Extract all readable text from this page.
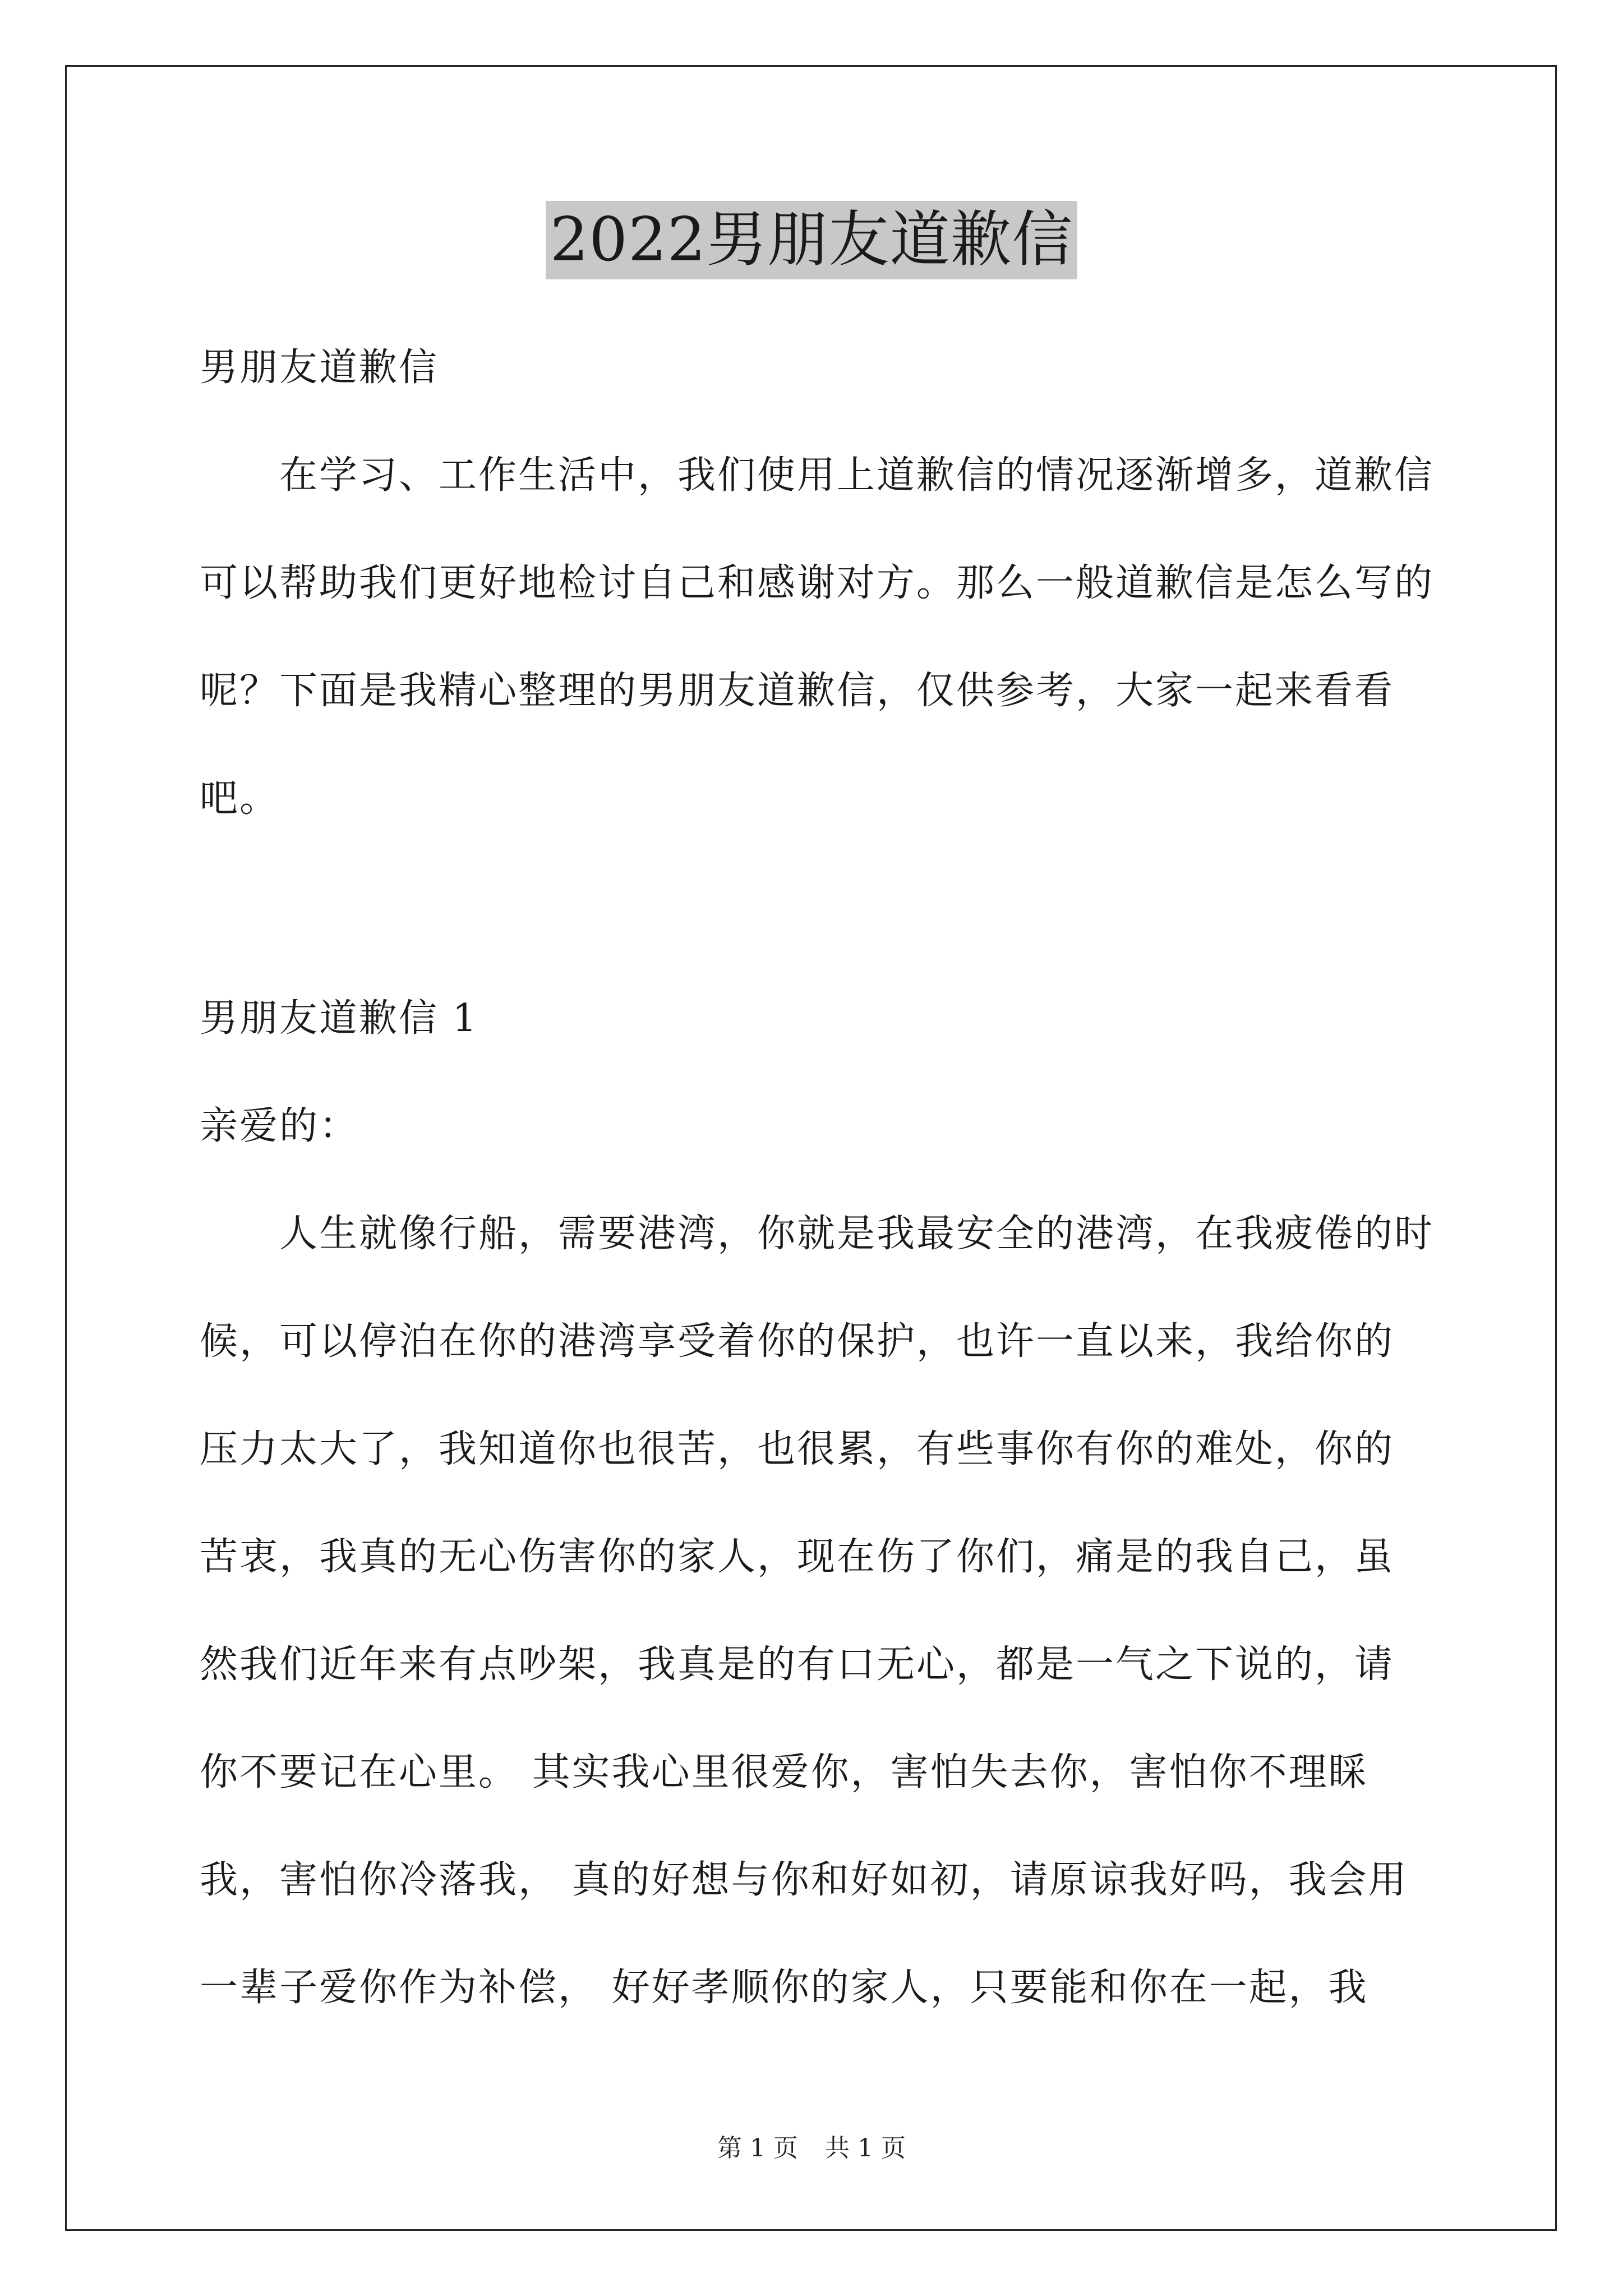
2022男朋友道歉信

男朋友道歉信

在学习、工作生活中，我们使用上道歉信的情况逐渐增多，道歉信可以帮助我们更好地检讨自己和感谢对方。那么一般道歉信是怎么写的呢？下面是我精心整理的男朋友道歉信，仅供参考，大家一起来看看吧。

男朋友道歉信 1

亲爱的：

人生就像行船，需要港湾，你就是我最安全的港湾，在我疲倦的时 候，可以停泊在你的港湾享受着你的保护，也许一直以来，我给你的 压力太大了，我知道你也很苦，也很累，有些事你有你的难处，你的 苦衷，我真的无心伤害你的家人，现在伤了你们，痛是的我自己，虽 然我们近年来有点吵架，我真是的有口无心，都是一气之下说的，请 你不要记在心里。 其实我心里很爱你，害怕失去你，害怕你不理睬我，害怕你冷落我， 真的好想与你和好如初，请原谅我好吗，我会用一辈子爱你作为补偿， 好好孝顺你的家人，只要能和你在一起，我

第 1 页 共 1 页
